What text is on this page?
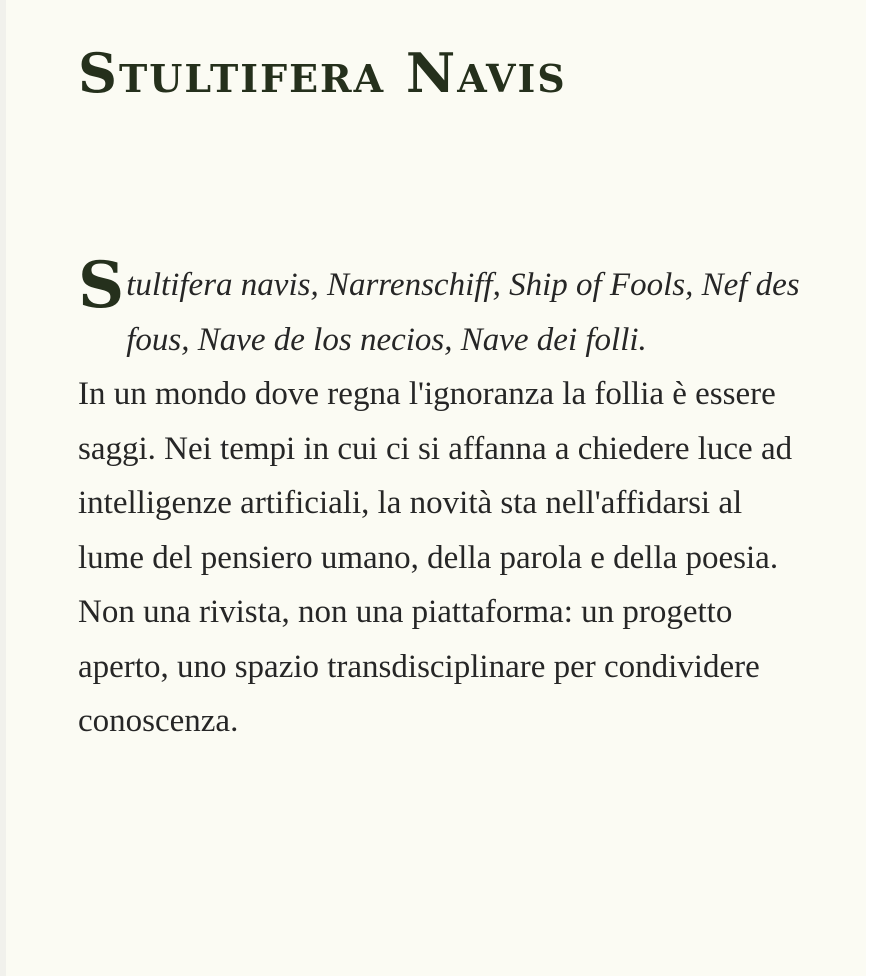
Stultifera Navis

Stultifera navis, Narrenschiff, Ship of Fools, Nef des fous, Nave de los necios, Nave dei folli.

In un mondo dove regna l'ignoranza la follia è essere saggi. Nei tempi in cui ci si affanna a chiedere luce ad intelligenze artificiali, la novità sta nell'affidarsi al lume del pensiero umano, della parola e della poesia.

Non una rivista, non una piattaforma: un progetto aperto, uno spazio transdisciplinare per condividere conoscenza.
